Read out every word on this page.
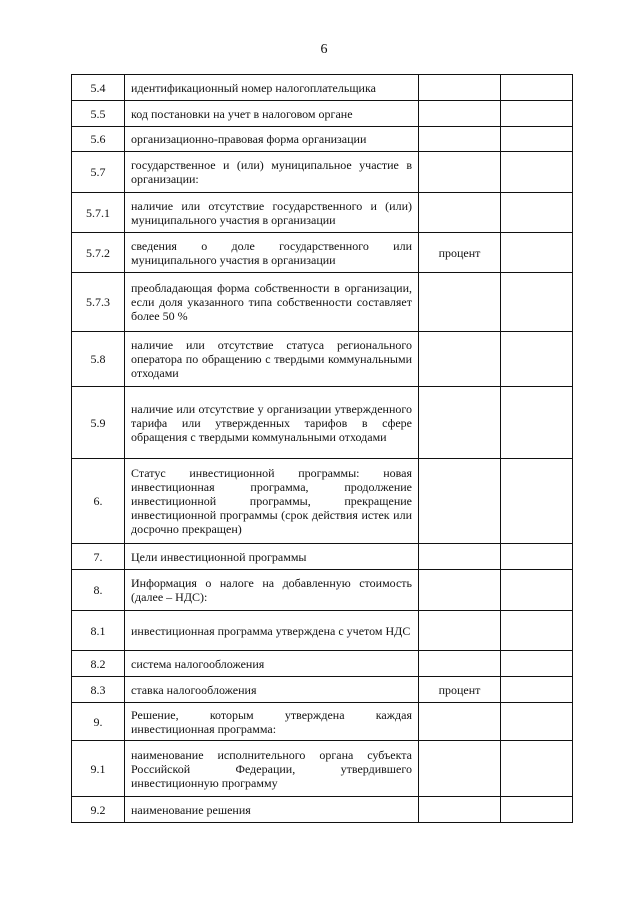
6
5.4	идентификационный номер налогоплательщика		
5.5	код постановки на учет в налоговом органе		
5.6	организационно-правовая форма организации		
5.7	государственное и (или) муниципальное участие в организации:		
5.7.1	наличие или отсутствие государственного и (или) муниципального участия в организации		
5.7.2	сведения о доле государственного или муниципального участия в организации	процент	
5.7.3	преобладающая форма собственности в организации, если доля указанного типа собственности составляет более 50 %		
5.8	наличие или отсутствие статуса регионального оператора по обращению с твердыми коммунальными отходами		
5.9	наличие или отсутствие у организации утвержденного тарифа или утвержденных тарифов в сфере обращения с твердыми коммунальными отходами		
6.	Статус инвестиционной программы: новая инвестиционная программа, продолжение инвестиционной программы, прекращение инвестиционной программы (срок действия истек или досрочно прекращен)		
7.	Цели инвестиционной программы		
8.	Информация о налоге на добавленную стоимость (далее – НДС):		
8.1	инвестиционная программа утверждена с учетом НДС		
8.2	система налогообложения		
8.3	ставка налогообложения	процент	
9.	Решение, которым утверждена каждая инвестиционная программа:		
9.1	наименование исполнительного органа субъекта Российской Федерации, утвердившего инвестиционную программу		
9.2	наименование решения		
